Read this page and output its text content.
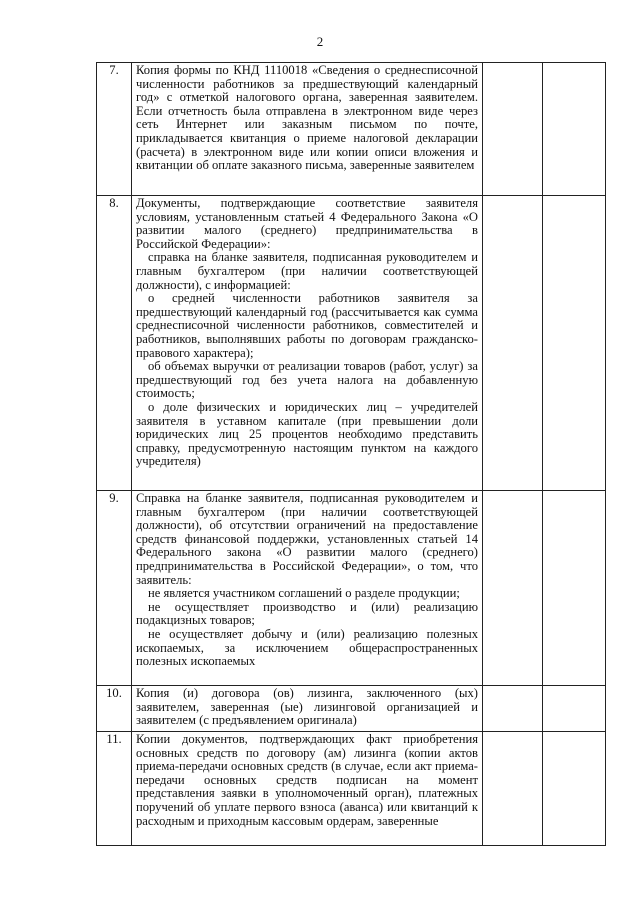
2
7.	Копия формы по КНД 1110018 «Сведения о среднесписочной численности работников за предшествующий календарный год» с отметкой налогового органа, заверенная заявителем. Если отчетность была отправлена в электронном виде через сеть Интернет или заказным письмом по почте, прикладывается квитанция о приеме налоговой декларации (расчета) в электронном виде или копии описи вложения и квитанции об оплате заказного письма, заверенные заявителем		

8.	Документы, подтверждающие соответствие заявителя условиям, установленным статьей 4 Федерального Закона «О развитии малого (среднего) предпринимательства в Российской Федерации»:

справка на бланке заявителя, подписанная руководителем и главным бухгалтером (при наличии соответствующей должности), с информацией:

о средней численности работников заявителя за предшествующий календарный год (рассчитывается как сумма среднесписочной численности работников, совместителей и работников, выполнявших работы по договорам гражданско-правового характера);

об объемах выручки от реализации товаров (работ, услуг) за предшествующий год без учета налога на добавленную стоимость;

о доле физических и юридических лиц – учредителей заявителя в уставном капитале (при превышении доли юридических лиц 25 процентов необходимо представить справку, предусмотренную настоящим пунктом на каждого учредителя)		

9.	Справка на бланке заявителя, подписанная руководителем и главным бухгалтером (при наличии соответствующей должности), об отсутствии ограничений на предоставление средств финансовой поддержки, установленных статьей 14 Федерального закона «О развитии малого (среднего) предпринимательства в Российской Федерации», о том, что заявитель:

не является участником соглашений о разделе продукции;

не осуществляет производство и (или) реализацию подакцизных товаров;

не осуществляет добычу и (или) реализацию полезных ископаемых, за исключением общераспространенных полезных ископаемых		

10.	Копия (и) договора (ов) лизинга, заключенного (ых) заявителем, заверенная (ые) лизинговой организацией и заявителем (с предъявлением оригинала)		

11.	Копии документов, подтверждающих факт приобретения основных средств по договору (ам) лизинга (копии актов приема-передачи основных средств (в случае, если акт приема-передачи основных средств подписан на момент представления заявки в уполномоченный орган), платежных поручений об уплате первого взноса (аванса) или квитанций к расходным и приходным кассовым ордерам, заверенные		
